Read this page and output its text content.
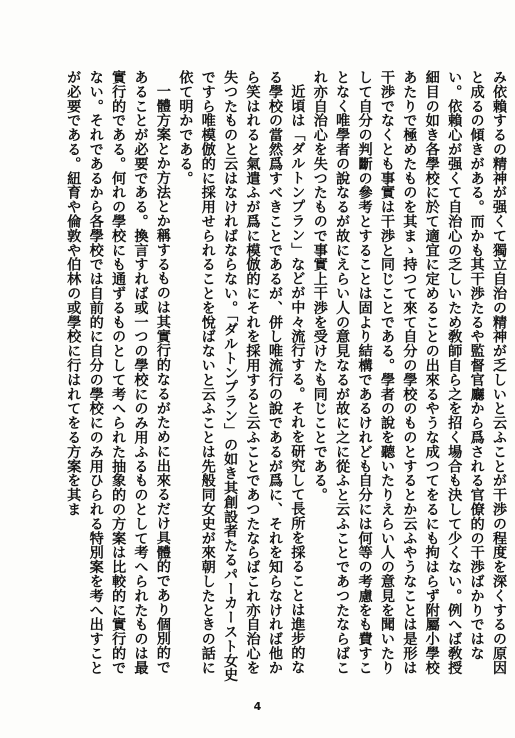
み依賴するの精神が强くて獨立自治の精神が乏しいと云ふことが干渉の程度を深くするの原因と成るの傾きがある。而かも其干渉たるや監督官廳から爲される官僚的の干渉ばかりではない。依賴心が强くて自治心の乏しいため敎師自ら之を招く場合も決して少くない。例へば敎授細目の如き各學校に於て適宜に定めることの出來るやうな成つてをるにも拘はらず附屬小學校あたりで極めたものを其まゝ持つて來て自分の學校のものとするとか云ふやうなことは是形は干渉でなくとも事實は干渉と同じことである。學者の說を聽いたりえらい人の意見を聞いたりして自分の判斷の參考とすることは固より結構であるけれども自分には何等の考慮をも費すことなく唯學者の說なるが故にえらい人の意見なるが故に之に從ふと云ふことであつたならばこれ亦自治心を失つたもので事實上干渉を受けたも同じことである。

近頃は「ダルトンプラン」などが中々流行する。それを研究して長所を採ることは進步的なる學校の當然爲すべきことであるが、併し唯流行の說であるが爲に、それを知らなければ他から笑はれると氣遣ふが爲に模倣的にそれを採用すると云ふことであつたならばこれ亦自治心を失つたものと云はなければならない。「ダルトンプラン」の如き其創設者たるパーカースト女史ですら唯模倣的に採用せられることを悅ばないと云ふことは先般同女史が來朝したときの話に依て明かである。

一體方案とか方法とか稱するものは其實行的なるがために出來るだけ具體的であり個別的であることが必要である。換言すれば或一つの學校にのみ用ふるものとして考へられたものは最實行的である。何れの學校にも通ずるものとして考へられた抽象的の方案は比較的に實行的でない。それであるから各學校では自前的に自分の學校にのみ用ひられる特別案を考へ出すことが必要である。紐育や倫敦や伯林の或學校に行はれてをる方案を其ま

4
